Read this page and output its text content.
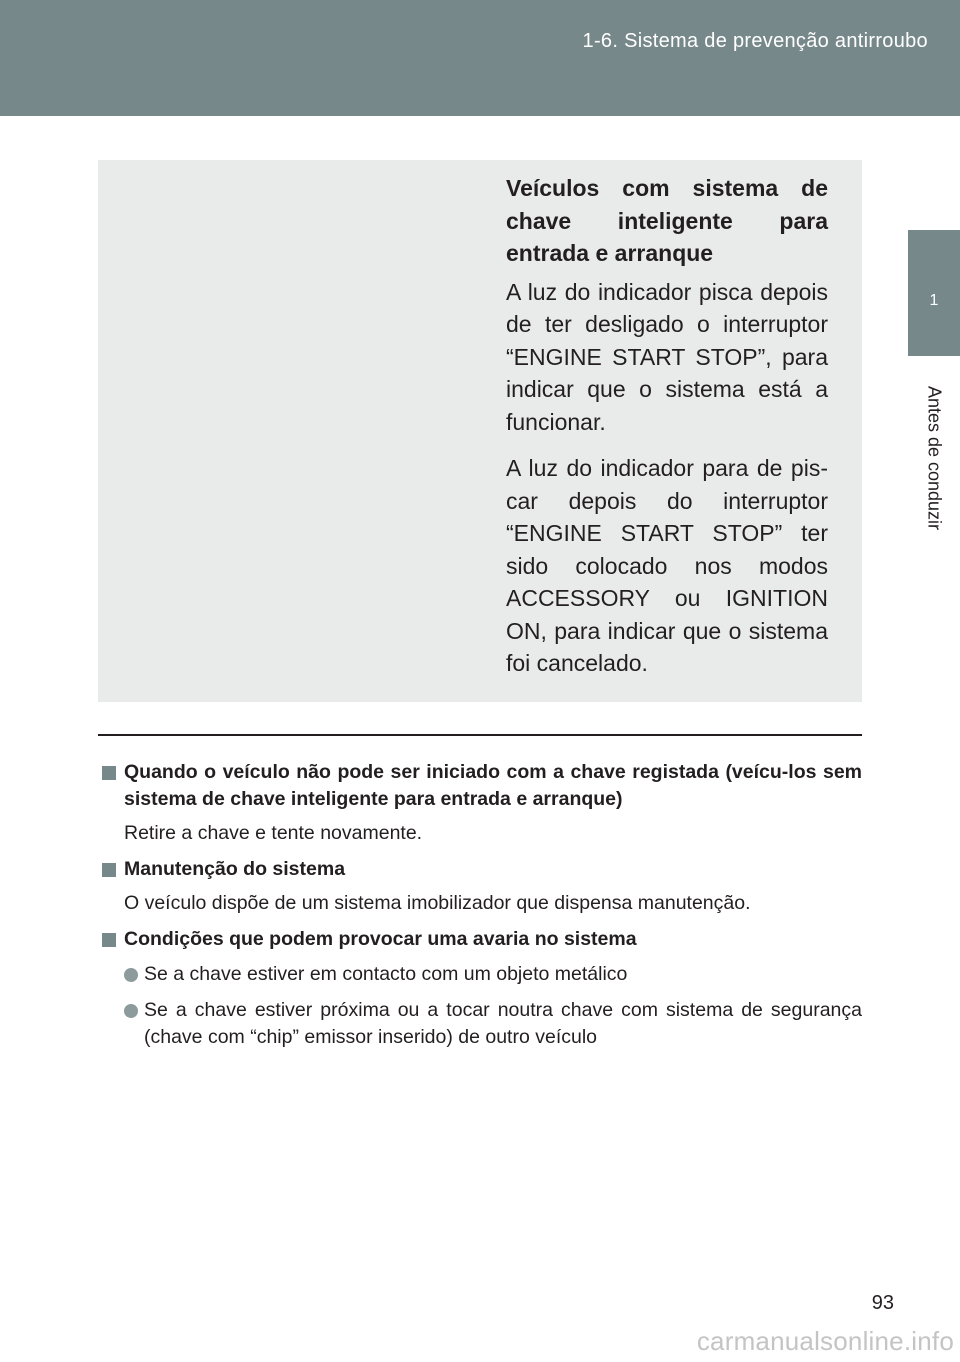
1-6. Sistema de prevenção antirroubo
1
Antes de conduzir

Veículos com sistema de chave inteligente para entrada e arranque

A luz do indicador pisca depois de ter desligado o interruptor “ENGINE START STOP”, para indicar que o sistema está a funcionar.

A luz do indicador para de pis-car depois do interruptor “ENGINE START STOP” ter sido colocado nos modos ACCESSORY ou IGNITION ON, para indicar que o sistema foi cancelado.

Quando o veículo não pode ser iniciado com a chave registada (veícu-los sem sistema de chave inteligente para entrada e arranque)
Retire a chave e tente novamente.
Manutenção do sistema
O veículo dispõe de um sistema imobilizador que dispensa manutenção.
Condições que podem provocar uma avaria no sistema
Se a chave estiver em contacto com um objeto metálico
Se a chave estiver próxima ou a tocar noutra chave com sistema de segurança (chave com “chip” emissor inserido) de outro veículo
93
carmanualsonline.info
